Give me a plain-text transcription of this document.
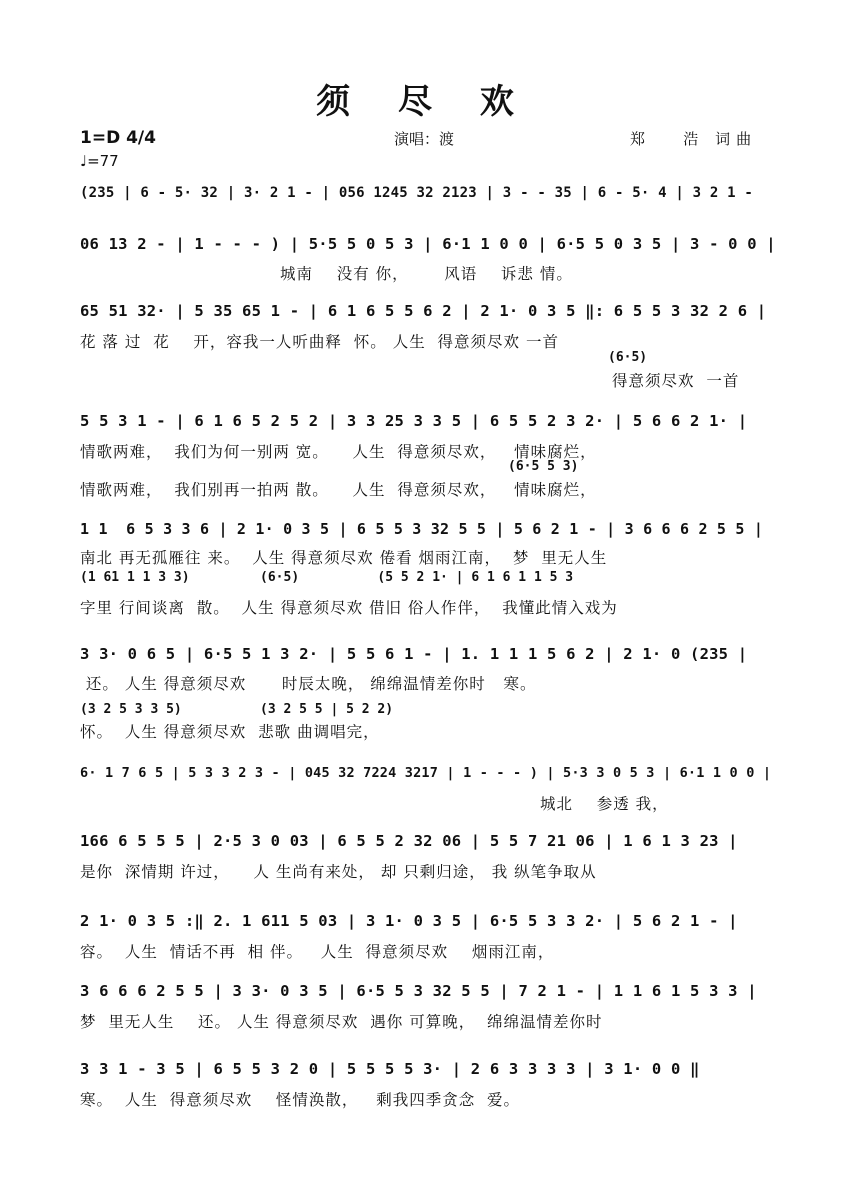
须 尽 欢
1=D 4/4
♩=77
演唱：渡	郑   浩 词曲
(235 | 6 - 5· 32 | 3· 2 1 - | 056 1245 32 2123 | 3 - - 35 | 6 - 5· 4 | 3 2 1 -
06 13 2 - | 1 - - - ) | 5·5 5 0 5 3 | 6·1 1 0 0 | 6·5 5 0 3 5 | 3 - 0 0 |
城南    没有 你，      风语    诉悲 情。
65 51 32· | 5 35 65 1 - | 6 1 6 5 5 6 2 | 2 1· 0 3 5 ‖: 6 5 5 3 32 2 6 |
花 落 过  花    开，容我一人听曲释  怀。 人生  得意须尽欢 一首
(6·5)
得意须尽欢  一首
5 5 3 1 - | 6 1 6 5 2 5 2 | 3 3 25 3 3 5 | 6 5 5 2 3 2· | 5 6 6 2 1· |
情歌两难，  我们为何一别两 宽。    人生  得意须尽欢，   情味腐烂，
(6·5 5 3)
情歌两难，  我们别再一拍两 散。    人生  得意须尽欢，   情味腐烂，
1 1  6 5 3 3 6 | 2 1· 0 3 5 | 6 5 5 3 32 5 5 | 5 6 2 1 - | 3 6 6 6 2 5 5 |
南北 再无孤雁往 来。  人生 得意须尽欢 倦看 烟雨江南，  梦  里无人生
(1 61 1 1 3 3)         (6·5)          (5 5 2 1· | 6 1 6 1 1 5 3
字里 行间谈离  散。  人生 得意须尽欢 借旧 俗人作伴，  我懂此情入戏为
3 3· 0 6 5 | 6·5 5 1 3 2· | 5 5 6 1 - | 1. 1 1 1 5 6 2 | 2 1· 0 (235 |
还。 人生 得意须尽欢      时辰太晚， 绵绵温情差你时   寒。
(3 2 5 3 3 5)          (3 2 5 5 | 5 2 2)
怀。  人生 得意须尽欢  悲歌 曲调唱完，
6· 1 7 6 5 | 5 3 3 2 3 - | 045 32 7224 3217 | 1 - - - ) | 5·3 3 0 5 3 | 6·1 1 0 0 |
城北    参透 我，
166 6 5 5 5 | 2·5 3 0 03 | 6 5 5 2 32 06 | 5 5 7 21 06 | 1 6 1 3 23 |
是你  深情期 许过，    人 生尚有来处， 却 只剩归途， 我 纵笔争取从
2 1· 0 3 5 :‖ 2. 1 611 5 03 | 3 1· 0 3 5 | 6·5 5 3 3 2· | 5 6 2 1 - |
容。  人生  情话不再  相 伴。   人生  得意须尽欢    烟雨江南，
3 6 6 6 2 5 5 | 3 3· 0 3 5 | 6·5 5 3 32 5 5 | 7 2 1 - | 1 1 6 1 5 3 3 |
梦  里无人生    还。 人生 得意须尽欢  遇你 可算晚，  绵绵温情差你时
3 3 1 - 3 5 | 6 5 5 3 2 0 | 5 5 5 5 3· | 2 6 3 3 3 3 | 3 1· 0 0 ‖
寒。  人生  得意须尽欢    怪情涣散，   剩我四季贪念  爱。
